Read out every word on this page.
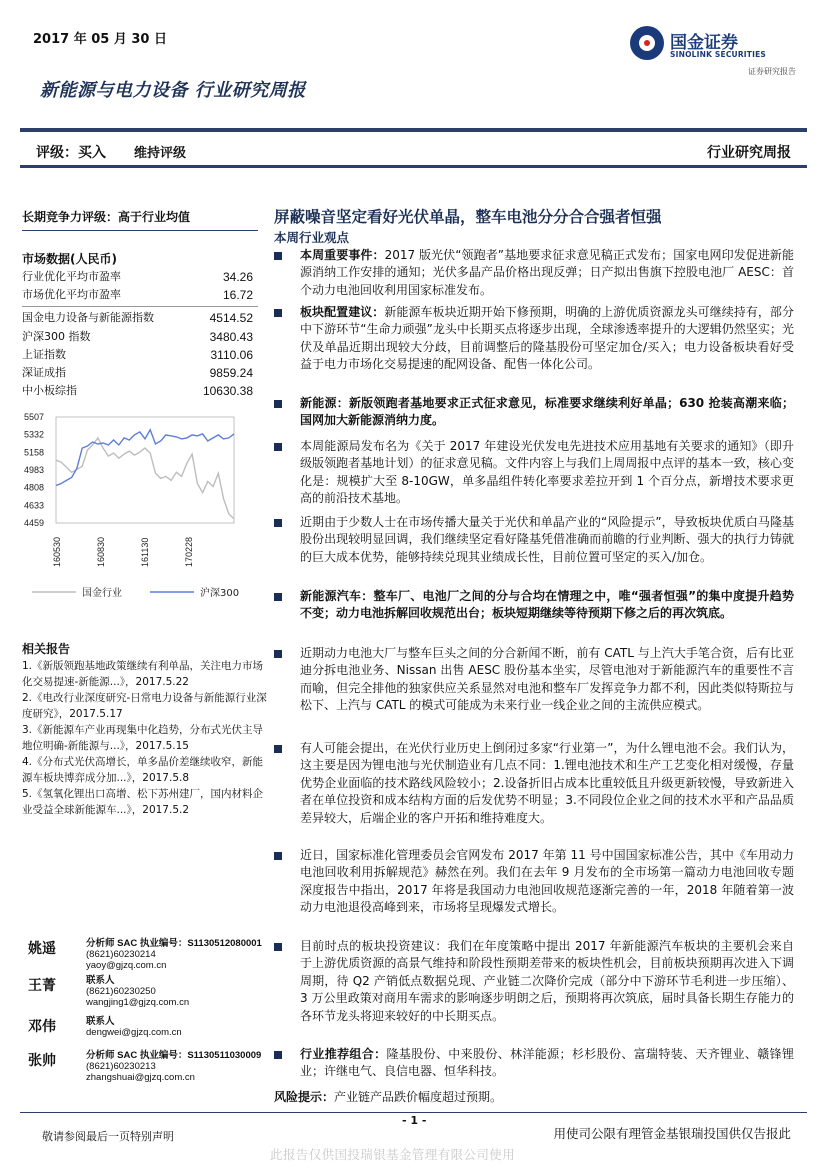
2017 年 05 月 30 日
新能源与电力设备 行业研究周报
国金证券
SINOLINK SECURITIES
证券研究报告
评级：买入 维持评级	行业研究周报
长期竞争力评级：高于行业均值
市场数据(人民币)
行业优化平均市盈率	34.26
市场优化平均市盈率	16.72
国金电力设备与新能源指数	4514.52
沪深300 指数	3480.43
上证指数	3110.06
深证成指	9859.24
中小板综指	10630.38
5507
5332
5158
4983
4808
4633
4459
160530	160830	161130	170228
国金行业	沪深300
相关报告

1.《新版领跑基地政策继续有利单晶，关注电力市场化交易提速-新能源...》，2017.5.22

2.《电改行业深度研究-日常电力设备与新能源行业深度研究》，2017.5.17

3.《新能源车产业再现集中化趋势，分布式光伏主导地位明确-新能源与...》，2017.5.15

4.《分布式光伏高增长，单多晶价差继续收窄，新能源车板块博弈成分加...》，2017.5.8

5.《氢氧化锂出口高增、松下苏州建厂，国内材料企业受益全球新能源车...》，2017.5.2

姚遥	分析师 SAC 执业编号：S1130512080001
(8621)60230214
yaoy@gjzq.com.cn
王菁	联系人
(8621)60230250
wangjing1@gjzq.com.cn
邓伟	联系人
dengwei@gjzq.com.cn
张帅	分析师 SAC 执业编号：S1130511030009
(8621)60230213
zhangshuai@gjzq.com.cn
屏蔽噪音坚定看好光伏单晶，整车电池分分合合强者恒强
本周行业观点
本周重要事件：2017 版光伏“领跑者”基地要求征求意见稿正式发布；国家电网印发促进新能源消纳工作安排的通知；光伏多晶产品价格出现反弹；日产拟出售旗下控股电池厂 AESC：首个动力电池回收利用国家标准发布。
板块配置建议：新能源车板块近期开始下修预期，明确的上游优质资源龙头可继续持有，部分中下游环节“生命力顽强”龙头中长期买点将逐步出现，全球渗透率提升的大逻辑仍然坚实；光伏及单晶近期出现较大分歧，目前调整后的隆基股份可坚定加仓/买入；电力设备板块看好受益于电力市场化交易提速的配网设备、配售一体化公司。
新能源：新版领跑者基地要求正式征求意见，标准要求继续利好单晶；630 抢装高潮来临；国网加大新能源消纳力度。
本周能源局发布名为《关于 2017 年建设光伏发电先进技术应用基地有关要求的通知》（即升级版领跑者基地计划）的征求意见稿。文件内容上与我们上周周报中点评的基本一致，核心变化是：规模扩大至 8-10GW，单多晶组件转化率要求差拉开到 1 个百分点，新增技术要求更高的前沿技术基地。
近期由于少数人士在市场传播大量关于光伏和单晶产业的“风险提示”，导致板块优质白马隆基股份出现较明显回调，我们继续坚定看好隆基凭借准确而前瞻的行业判断、强大的执行力铸就的巨大成本优势，能够持续兑现其业绩成长性，目前位置可坚定的买入/加仓。
新能源汽车：整车厂、电池厂之间的分与合均在情理之中，唯“强者恒强”的集中度提升趋势不变；动力电池拆解回收规范出台；板块短期继续等待预期下修之后的再次筑底。
近期动力电池大厂与整车巨头之间的分合新闻不断，前有 CATL 与上汽大手笔合资，后有比亚迪分拆电池业务、Nissan 出售 AESC 股份基本坐实，尽管电池对于新能源汽车的重要性不言而喻，但完全排他的独家供应关系显然对电池和整车厂发挥竞争力都不利，因此类似特斯拉与松下、上汽与 CATL 的模式可能成为未来行业一线企业之间的主流供应模式。
有人可能会提出，在光伏行业历史上倒闭过多家“行业第一”，为什么锂电池不会。我们认为，这主要是因为锂电池与光伏制造业有几点不同：1.锂电池技术和生产工艺变化相对缓慢，存量优势企业面临的技术路线风险较小；2.设备折旧占成本比重较低且升级更新较慢，导致新进入者在单位投资和成本结构方面的后发优势不明显；3.不同段位企业之间的技术水平和产品品质差异较大，后端企业的客户开拓和维持难度大。
近日，国家标准化管理委员会官网发布 2017 年第 11 号中国国家标准公告，其中《车用动力电池回收利用拆解规范》赫然在列。我们在去年 9 月发布的全市场第一篇动力电池回收专题深度报告中指出，2017 年将是我国动力电池回收规范逐渐完善的一年，2018 年随着第一波动力电池退役高峰到来，市场将呈现爆发式增长。
目前时点的板块投资建议：我们在年度策略中提出 2017 年新能源汽车板块的主要机会来自于上游优质资源的高景气维持和阶段性预期差带来的板块性机会，目前板块预期再次进入下调周期，待 Q2 产销低点数据兑现、产业链二次降价完成（部分中下游环节毛利进一步压缩）、3 万公里政策对商用车需求的影响逐步明朗之后，预期将再次筑底，届时具备长期生存能力的各环节龙头将迎来较好的中长期买点。
行业推荐组合：隆基股份、中来股份、林洋能源；杉杉股份、富瑞特装、天齐锂业、赣锋锂业；许继电气、良信电器、恒华科技。
风险提示：产业链产品跌价幅度超过预期。
- 1 -
敬请参阅最后一页特别声明	用使司公限有理管金基银瑞投国供仅告报此
此报告仅供国投瑞银基金管理有限公司使用
